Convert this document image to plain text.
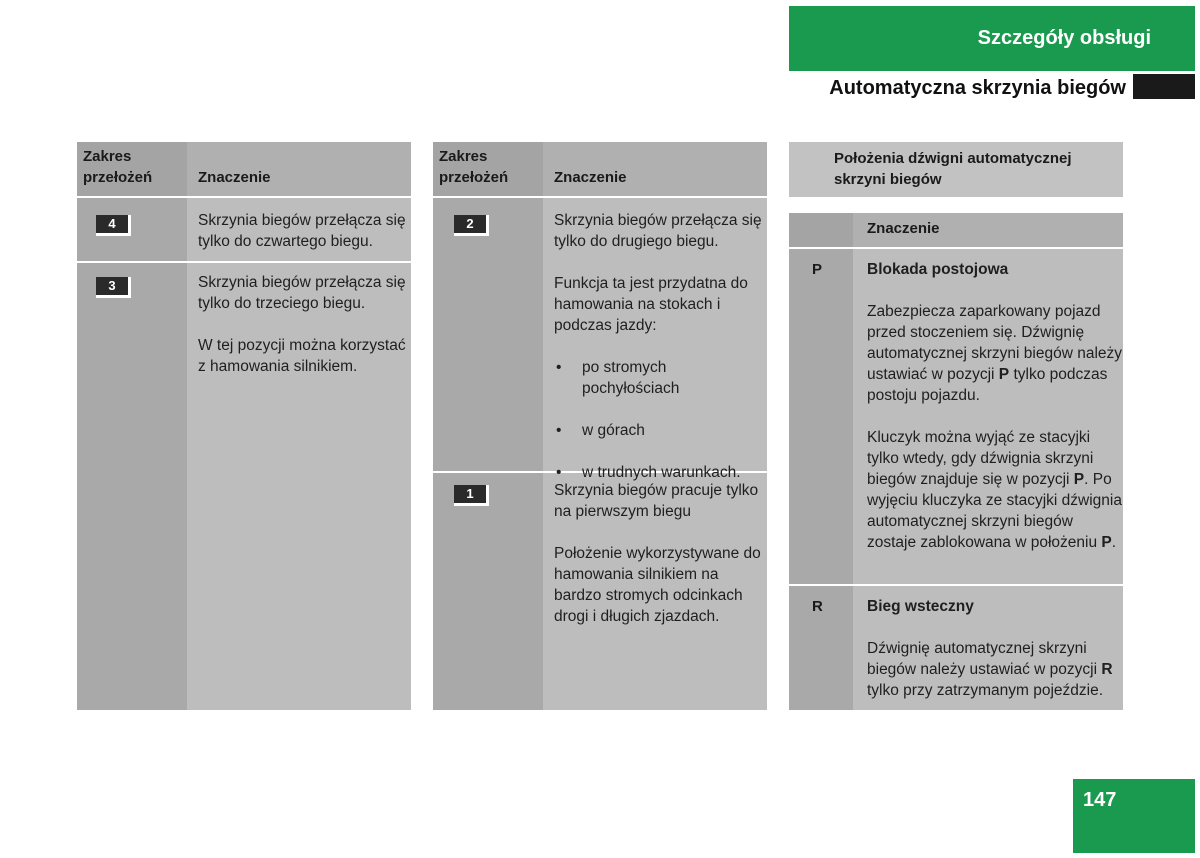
Szczegóły obsługi
Automatyczna skrzynia biegów
Zakres
przełożeń	Znaczenie
4	Skrzynia biegów przełącza się tylko do czwartego biegu.

3	Skrzynia biegów przełącza się tylko do trzeciego biegu.

W tej pozycji można korzystać z hamowania silnikiem.

Zakres
przełożeń	Znaczenie
2	Skrzynia biegów przełącza się tylko do drugiego biegu.

Funkcja ta jest przydatna do hamowania na stokach i podczas jazdy:

• po stromych pochyłościach
• w górach
• w trudnych warunkach.
1	Skrzynia biegów pracuje tylko na pierwszym biegu

Położenie wykorzystywane do hamowania silnikiem na bardzo stromych odcinkach drogi i długich zjazdach.

Położenia dźwigni automatycznej
skrzyni biegów
Znaczenie
P	Blokada postojowa

Zabezpiecza zaparkowany pojazd przed stoczeniem się. Dźwignię automatycznej skrzyni biegów należy ustawiać w pozycji P tylko podczas postoju pojazdu.

Kluczyk można wyjąć ze stacyjki tylko wtedy, gdy dźwignia skrzyni biegów znajduje się w pozycji P. Po wyjęciu kluczyka ze stacyjki dźwignia automatycznej skrzyni biegów zostaje zablokowana w położeniu P.

R	Bieg wsteczny

Dźwignię automatycznej skrzyni biegów należy ustawiać w pozycji R tylko przy zatrzymanym pojeździe.

147
